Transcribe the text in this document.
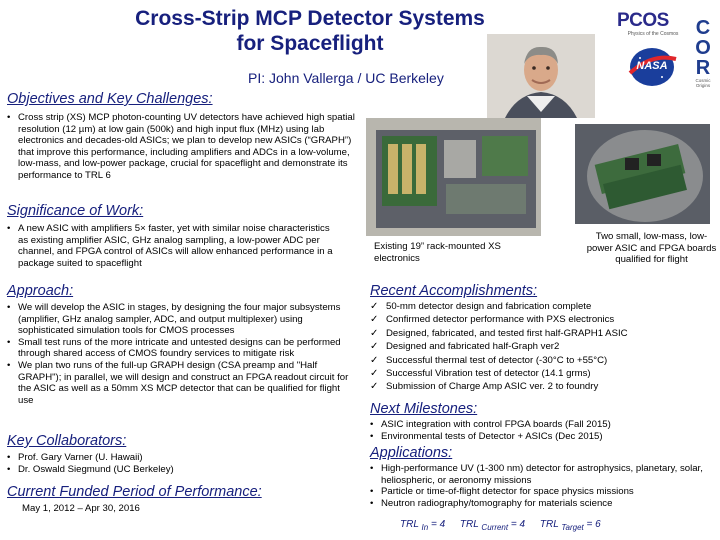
Cross-Strip MCP Detector Systems
for Spaceflight
PI: John Vallerga / UC Berkeley
PCOS
Physics of the Cosmos
NASA
C
O
R
Cosmic Origins
Objectives and Key Challenges:
• Cross strip (XS) MCP photon-counting UV detectors have achieved high spatial resolution (12 µm) at low gain (500k) and high input flux (MHz) using lab electronics and decades-old ASICs; we plan to develop new ASICs (“GRAPH”) that improve this performance, including amplifiers and ADCs in a low-volume, low-mass, and low-power package, crucial for spaceflight and demonstrate its performance to TRL 6
Significance of Work:
• A new ASIC with amplifiers 5× faster, yet with similar noise characteristics as existing amplifier ASIC, GHz analog sampling, a low-power ADC per channel, and FPGA control of ASICs will allow enhanced performance in a package suited to spaceflight
Approach:
• We will develop the ASIC in stages, by designing the four major subsystems (amplifier, GHz analog sampler, ADC, and output multiplexer) using sophisticated simulation tools for CMOS processes
• Small test runs of the more intricate and untested designs can be performed through shared access of CMOS foundry services to mitigate risk
• We plan two runs of the full-up GRAPH design (CSA preamp and "Half GRAPH"); in parallel, we will design and construct an FPGA readout circuit for the ASIC as well as a 50mm XS MCP detector that can be qualified for flight use
Key Collaborators:
• Prof. Gary Varner (U. Hawaii)
• Dr. Oswald Siegmund (UC Berkeley)
Current Funded Period of Performance:
May 1, 2012 – Apr 30, 2016
Existing 19” rack-mounted XS electronics
Two small, low-mass, low-power ASIC and FPGA boards qualified for flight
Recent Accomplishments:
✓ 50-mm detector design and fabrication complete
✓ Confirmed detector performance with PXS electronics
✓ Designed, fabricated, and tested first half-GRAPH1 ASIC
✓ Designed and fabricated half-Graph ver2
✓ Successful thermal test of detector (-30°C to +55°C)
✓ Successful Vibration test of detector (14.1 grms)
✓ Submission of Charge Amp ASIC ver. 2 to foundry
Next Milestones:
• ASIC integration with control FPGA boards (Fall 2015)
• Environmental tests of Detector + ASICs (Dec 2015)
Applications:
• High-performance UV (1-300 nm) detector for astrophysics, planetary, solar, heliospheric, or aeronomy missions
• Particle or time-of-flight detector for space physics missions
• Neutron radiography/tomography for materials science
TRL $_{In}$ = 4 TRL $_{Current}$ = 4 TRL $_{Target}$ = 6
